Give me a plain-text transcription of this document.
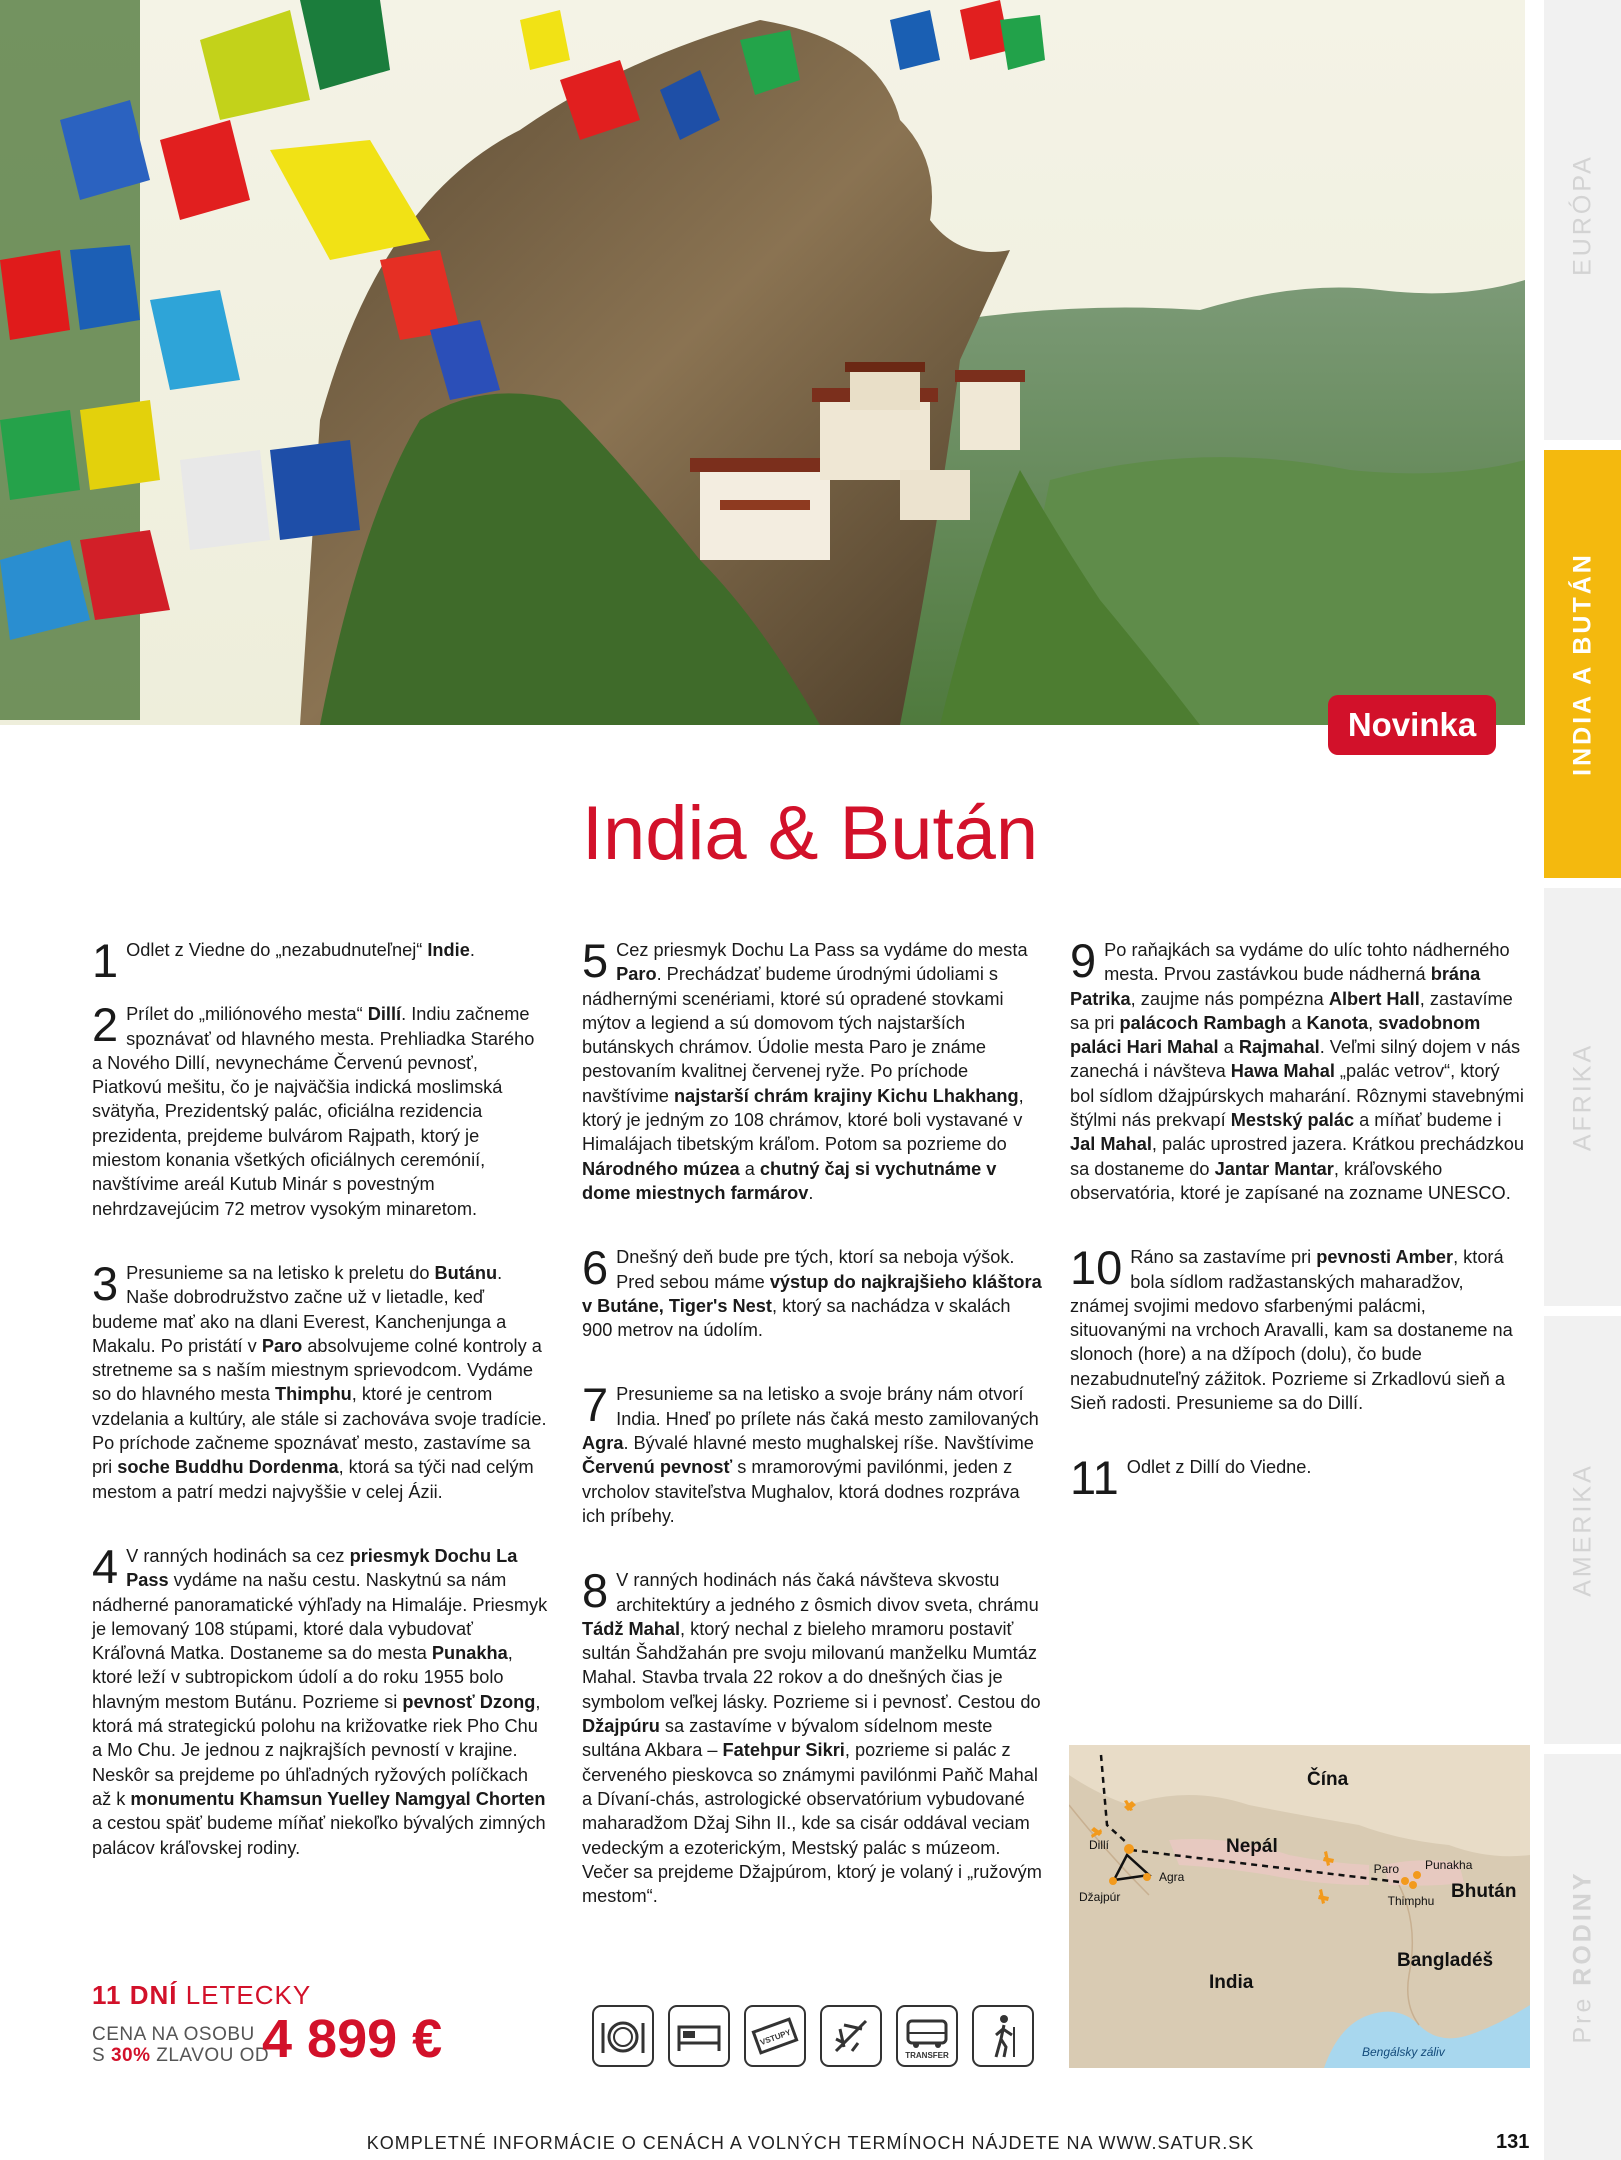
Novinka
EURÓPA
INDIA A BUTÁN
AFRIKA
AMERIKA
Pre RODINY
India & Bután
1 Odlet z Viedne do „nezabudnuteľnej“ Indie.

2 Prílet do „miliónového mesta“ Dillí. Indiu začneme spoznávať od hlavného mesta. Prehliadka Starého a Nového Dillí, nevynecháme Červenú pevnosť, Piatkovú mešitu, čo je najväčšia indická moslimská svätyňa, Prezidentský palác, oficiálna rezidencia prezidenta, prejdeme bulvárom Rajpath, ktorý je miestom konania všetkých oficiálnych ceremónií, navštívime areál Kutub Minár s povestným nehrdzavejúcim 72 metrov vysokým minaretom.

3 Presunieme sa na letisko k preletu do Butánu. Naše dobrodružstvo začne už v lietadle, keď budeme mať ako na dlani Everest, Kanchenjunga a Makalu. Po pristátí v Paro absolvujeme colné kontroly a stretneme sa s naším miestnym sprievodcom. Vydáme so do hlavného mesta Thimphu, ktoré je centrom vzdelania a kultúry, ale stále si zachováva svoje tradície. Po príchode začneme spoznávať mesto, zastavíme sa pri soche Buddhu Dordenma, ktorá sa týči nad celým mestom a patrí medzi najvyššie v celej Ázii.

4 V ranných hodinách sa cez priesmyk Dochu La Pass vydáme na našu cestu. Naskytnú sa nám nádherné panoramatické výhľady na Himaláje. Priesmyk je lemovaný 108 stúpami, ktoré dala vybudovať Kráľovná Matka. Dostaneme sa do mesta Punakha, ktoré leží v subtropickom údolí a do roku 1955 bolo hlavným mestom Butánu. Pozrieme si pevnosť Dzong, ktorá má strategickú polohu na križovatke riek Pho Chu a Mo Chu. Je jednou z najkrajších pevností v krajine. Neskôr sa prejdeme po úhľadných ryžových políčkach až k monumentu Khamsun Yuelley Namgyal Chorten a cestou späť budeme míňať niekoľko bývalých zimných palácov kráľovskej rodiny.

5 Cez priesmyk Dochu La Pass sa vydáme do mesta Paro. Prechádzať budeme úrodnými údoliami s nádhernými scenériami, ktoré sú opradené stovkami mýtov a legiend a sú domovom tých najstarších butánskych chrámov. Údolie mesta Paro je známe pestovaním kvalitnej červenej ryže. Po príchode navštívime najstarší chrám krajiny Kichu Lhakhang, ktorý je jedným zo 108 chrámov, ktoré boli vystavané v Himalájach tibetským kráľom. Potom sa pozrieme do Národného múzea a chutný čaj si vychutnáme v dome miestnych farmárov.

6 Dnešný deň bude pre tých, ktorí sa neboja výšok. Pred sebou máme výstup do najkrajšieho kláštora v Butáne, Tiger's Nest, ktorý sa nachádza v skalách 900 metrov na údolím.

7 Presunieme sa na letisko a svoje brány nám otvorí India. Hneď po prílete nás čaká mesto zamilovaných Agra. Bývalé hlavné mesto mughalskej ríše. Navštívime Červenú pevnosť s mramorovými pavilónmi, jeden z vrcholov staviteľstva Mughalov, ktorá dodnes rozpráva ich príbehy.

8 V ranných hodinách nás čaká návšteva skvostu architektúry a jedného z ôsmich divov sveta, chrámu Tádž Mahal, ktorý nechal z bieleho mramoru postaviť sultán Šahdžahán pre svoju milovanú manželku Mumtáz Mahal. Stavba trvala 22 rokov a do dnešných čias je symbolom veľkej lásky. Pozrieme si i pevnosť. Cestou do Džajpúru sa zastavíme v bývalom sídelnom meste sultána Akbara – Fatehpur Sikri, pozrieme si palác z červeného pieskovca so známymi pavilónmi Paňč Mahal a Dívaní-chás, astrologické observatórium vybudované maharadžom Džaj Sihn II., kde sa cisár oddával veciam vedeckým a ezoterickým, Mestský palác s múzeom. Večer sa prejdeme Džajpúrom, ktorý je volaný i „ružovým mestom“.

9 Po raňajkách sa vydáme do ulíc tohto nádherného mesta. Prvou zastávkou bude nádherná brána Patrika, zaujme nás pompézna Albert Hall, zastavíme sa pri palácoch Rambagh a Kanota, svadobnom paláci Hari Mahal a Rajmahal. Veľmi silný dojem v nás zanechá i návšteva Hawa Mahal „palác vetrov“, ktorý bol sídlom džajpúrskych maharání. Rôznymi stavebnými štýlmi nás prekvapí Mestský palác a míňať budeme i Jal Mahal, palác uprostred jazera. Krátkou prechádzkou sa dostaneme do Jantar Mantar, kráľovského observatória, ktoré je zapísané na zozname UNESCO.

10 Ráno sa zastavíme pri pevnosti Amber, ktorá bola sídlom radžastanských maharadžov, známej svojimi medovo sfarbenými palácmi, situovanými na vrchoch Aravalli, kam sa dostaneme na slonoch (hore) a na džípoch (dolu), čo bude nezabudnuteľný zážitok. Pozrieme si Zrkadlovú sieň a Sieň radosti. Presunieme sa do Dillí.

11 Odlet z Dillí do Viedne.

11 DNÍ LETECKY
CENA NA OSOBU
S 30% ZLAVOU OD
4 899 €	VSTUPY
TRANSFER
Čína
Nepál
Bhután
India
Bangladéš
Bengálsky záliv
Dillí
Agra
Džajpúr
Paro Punakha
Thimphu
KOMPLETNÉ INFORMÁCIE O CENÁCH A VOLNÝCH TERMÍNOCH NÁJDETE NA WWW.SATUR.SK	131
